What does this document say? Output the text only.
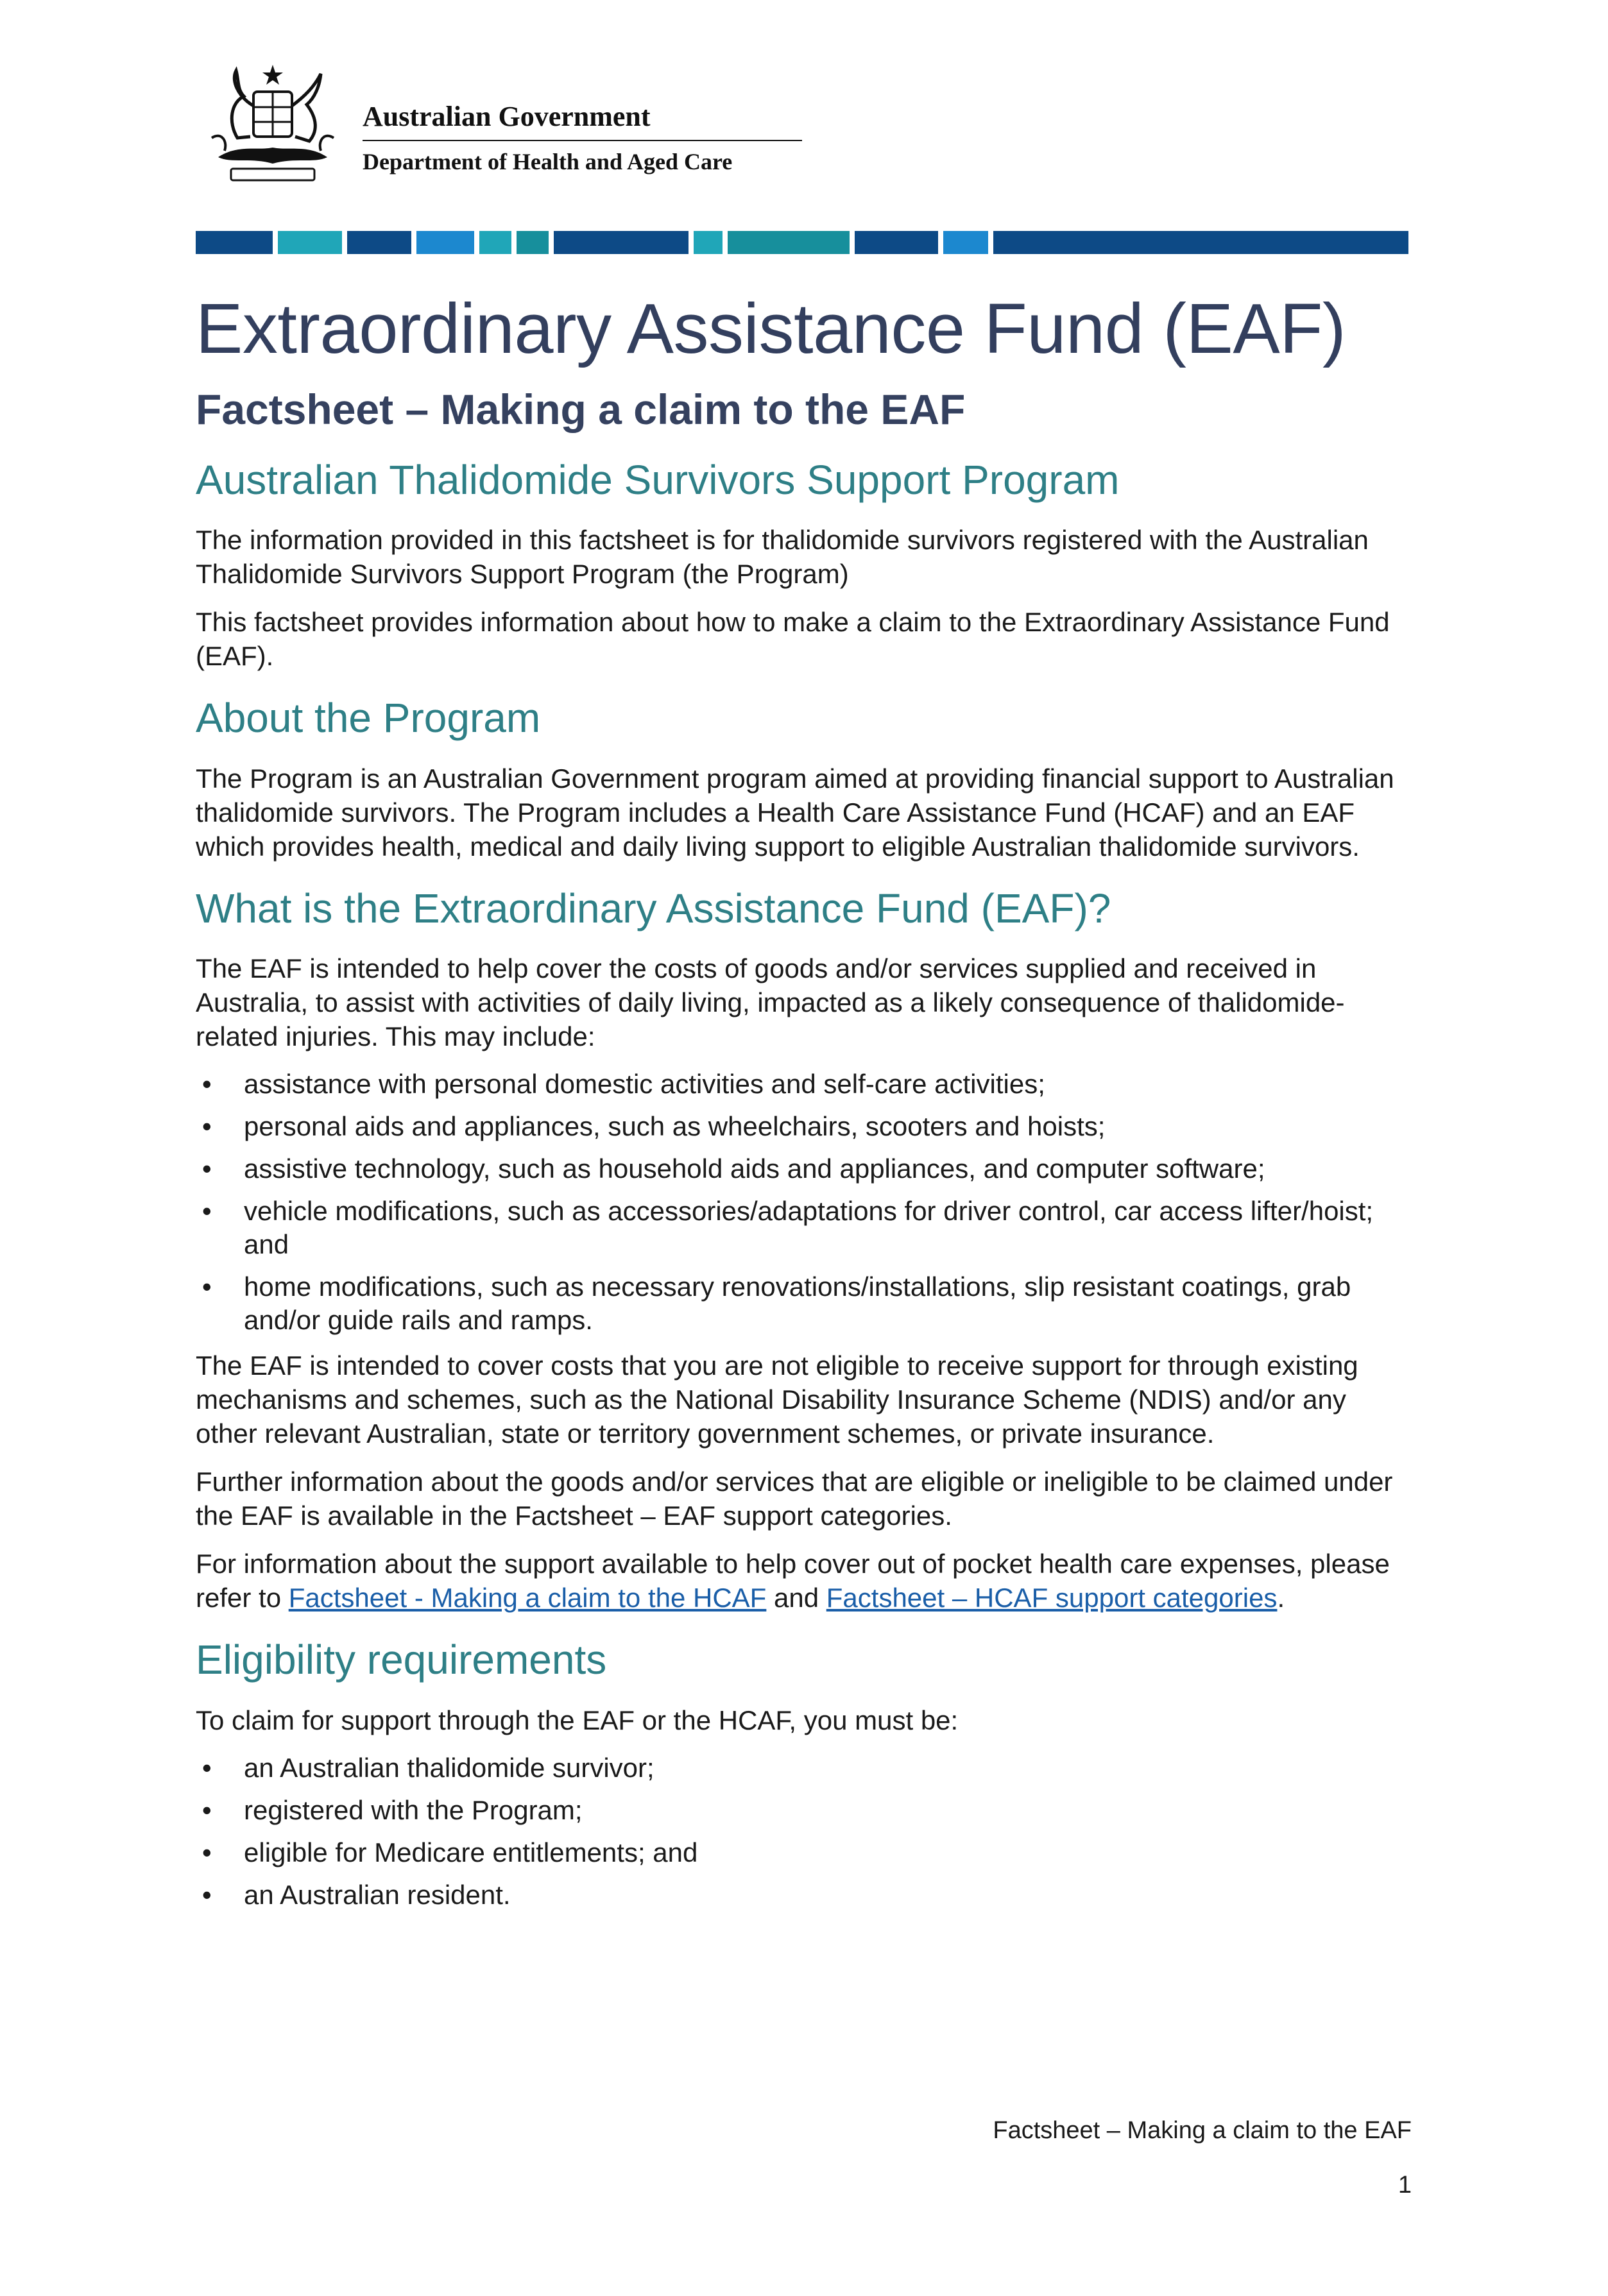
Australian Government
Department of Health and Aged Care
Extraordinary Assistance Fund (EAF)
Factsheet – Making a claim to the EAF
Australian Thalidomide Survivors Support Program

The information provided in this factsheet is for thalidomide survivors registered with the Australian Thalidomide Survivors Support Program (the Program)

This factsheet provides information about how to make a claim to the Extraordinary Assistance Fund (EAF).

About the Program

The Program is an Australian Government program aimed at providing financial support to Australian thalidomide survivors. The Program includes a Health Care Assistance Fund (HCAF) and an EAF which provides health, medical and daily living support to eligible Australian thalidomide survivors.

What is the Extraordinary Assistance Fund (EAF)?

The EAF is intended to help cover the costs of goods and/or services supplied and received in Australia, to assist with activities of daily living, impacted as a likely consequence of thalidomide-related injuries. This may include:

• assistance with personal domestic activities and self-care activities;
• personal aids and appliances, such as wheelchairs, scooters and hoists;
• assistive technology, such as household aids and appliances, and computer software;
• vehicle modifications, such as accessories/adaptations for driver control, car access lifter/hoist; and
• home modifications, such as necessary renovations/installations, slip resistant coatings, grab and/or guide rails and ramps.

The EAF is intended to cover costs that you are not eligible to receive support for through existing mechanisms and schemes, such as the National Disability Insurance Scheme (NDIS) and/or any other relevant Australian, state or territory government schemes, or private insurance.

Further information about the goods and/or services that are eligible or ineligible to be claimed under the EAF is available in the Factsheet – EAF support categories.

For information about the support available to help cover out of pocket health care expenses, please refer to Factsheet - Making a claim to the HCAF and Factsheet – HCAF support categories.

Eligibility requirements

To claim for support through the EAF or the HCAF, you must be:

• an Australian thalidomide survivor;
• registered with the Program;
• eligible for Medicare entitlements; and
• an Australian resident.
Factsheet – Making a claim to the EAF
1
